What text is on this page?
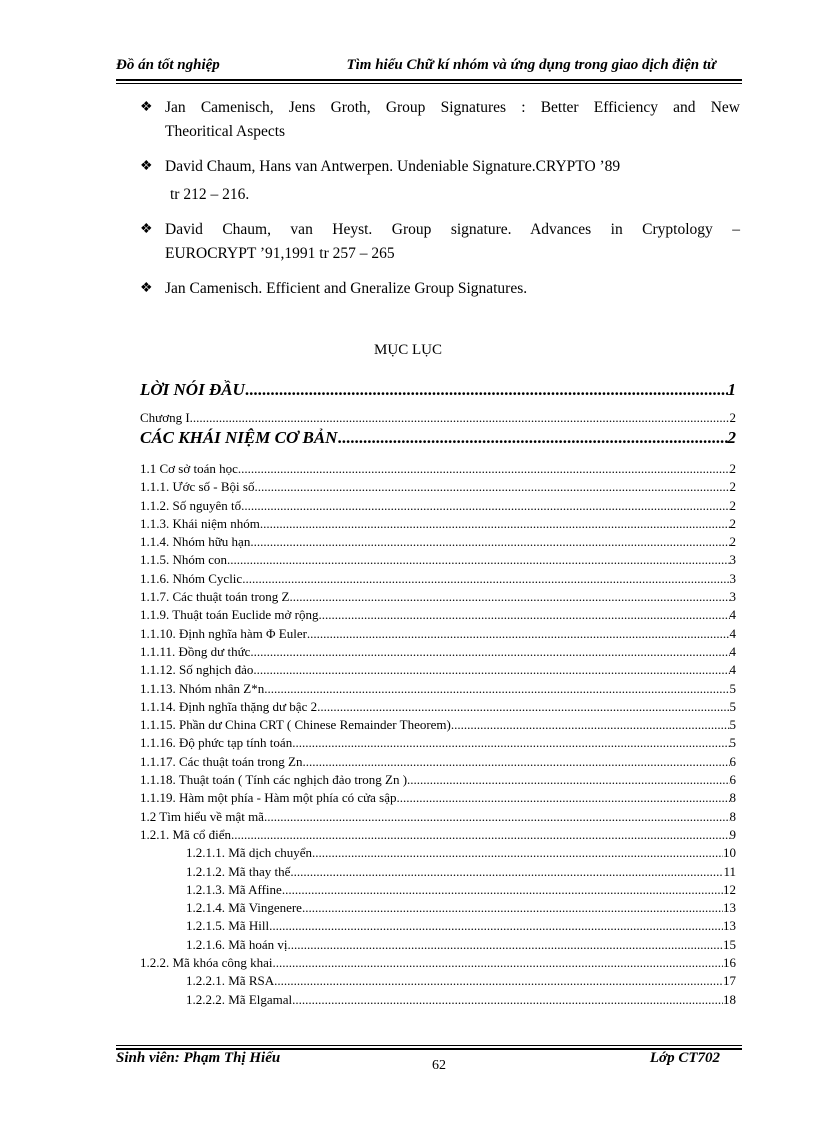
Đồ án tốt nghiệp	Tìm hiểu Chữ kí nhóm và ứng dụng trong giao dịch điện tử
❖ Jan Camenisch, Jens Groth, Group Signatures : Better Efficiency and New
Theoritical Aspects
❖ David Chaum, Hans van Antwerpen. Undeniable Signature.CRYPTO ’89
tr 212 – 216.
❖ David Chaum, van Heyst. Group signature. Advances in Cryptology –
EUROCRYPT ’91,1991 tr 257 – 265
❖ Jan Camenisch. Efficient and Gneralize Group Signatures.
MỤC LỤC
LỜI NÓI ĐẦU .....	1
Chương I .....	2
CÁC KHÁI NIỆM CƠ BẢN .....	2
1.1 Cơ sở toán học .....	2
1.1.1. Ước số - Bội số .....	2
1.1.2. Số nguyên tố .....	2
1.1.3. Khái niệm nhóm .....	2
1.1.4. Nhóm hữu hạn .....	2
1.1.5. Nhóm con .....	3
1.1.6. Nhóm Cyclic .....	3
1.1.7. Các thuật toán trong Z .....	3
1.1.9. Thuật toán Euclide mở rộng .....	4
1.1.10. Định nghĩa hàm Φ Euler .....	4
1.1.11. Đồng dư thức .....	4
1.1.12. Số nghịch đảo .....	4
1.1.13. Nhóm nhân Z*n .....	5
1.1.14. Định nghĩa thặng dư bậc 2 .....	5
1.1.15. Phần dư China CRT ( Chinese Remainder Theorem) .....	5
1.1.16. Độ phức tạp tính toán .....	5
1.1.17. Các thuật toán trong Zn .....	6
1.1.18. Thuật toán ( Tính các nghịch đảo trong Zn ) .....	6
1.1.19. Hàm một phía - Hàm một phía có cửa sập .....	8
1.2 Tìm hiểu về mật mã .....	8
1.2.1. Mã cổ điển .....	9
1.2.1.1. Mã dịch chuyển .....	10
1.2.1.2. Mã thay thế .....	11
1.2.1.3. Mã Affine .....	12
1.2.1.4. Mã Vingenere .....	13
1.2.1.5. Mã Hill .....	13
1.2.1.6. Mã hoán vị .....	15
1.2.2. Mã khóa công khai .....	16
1.2.2.1. Mã RSA .....	17
1.2.2.2. Mã Elgamal .....	18
Sinh viên: Phạm Thị Hiếu	62	Lớp CT702
